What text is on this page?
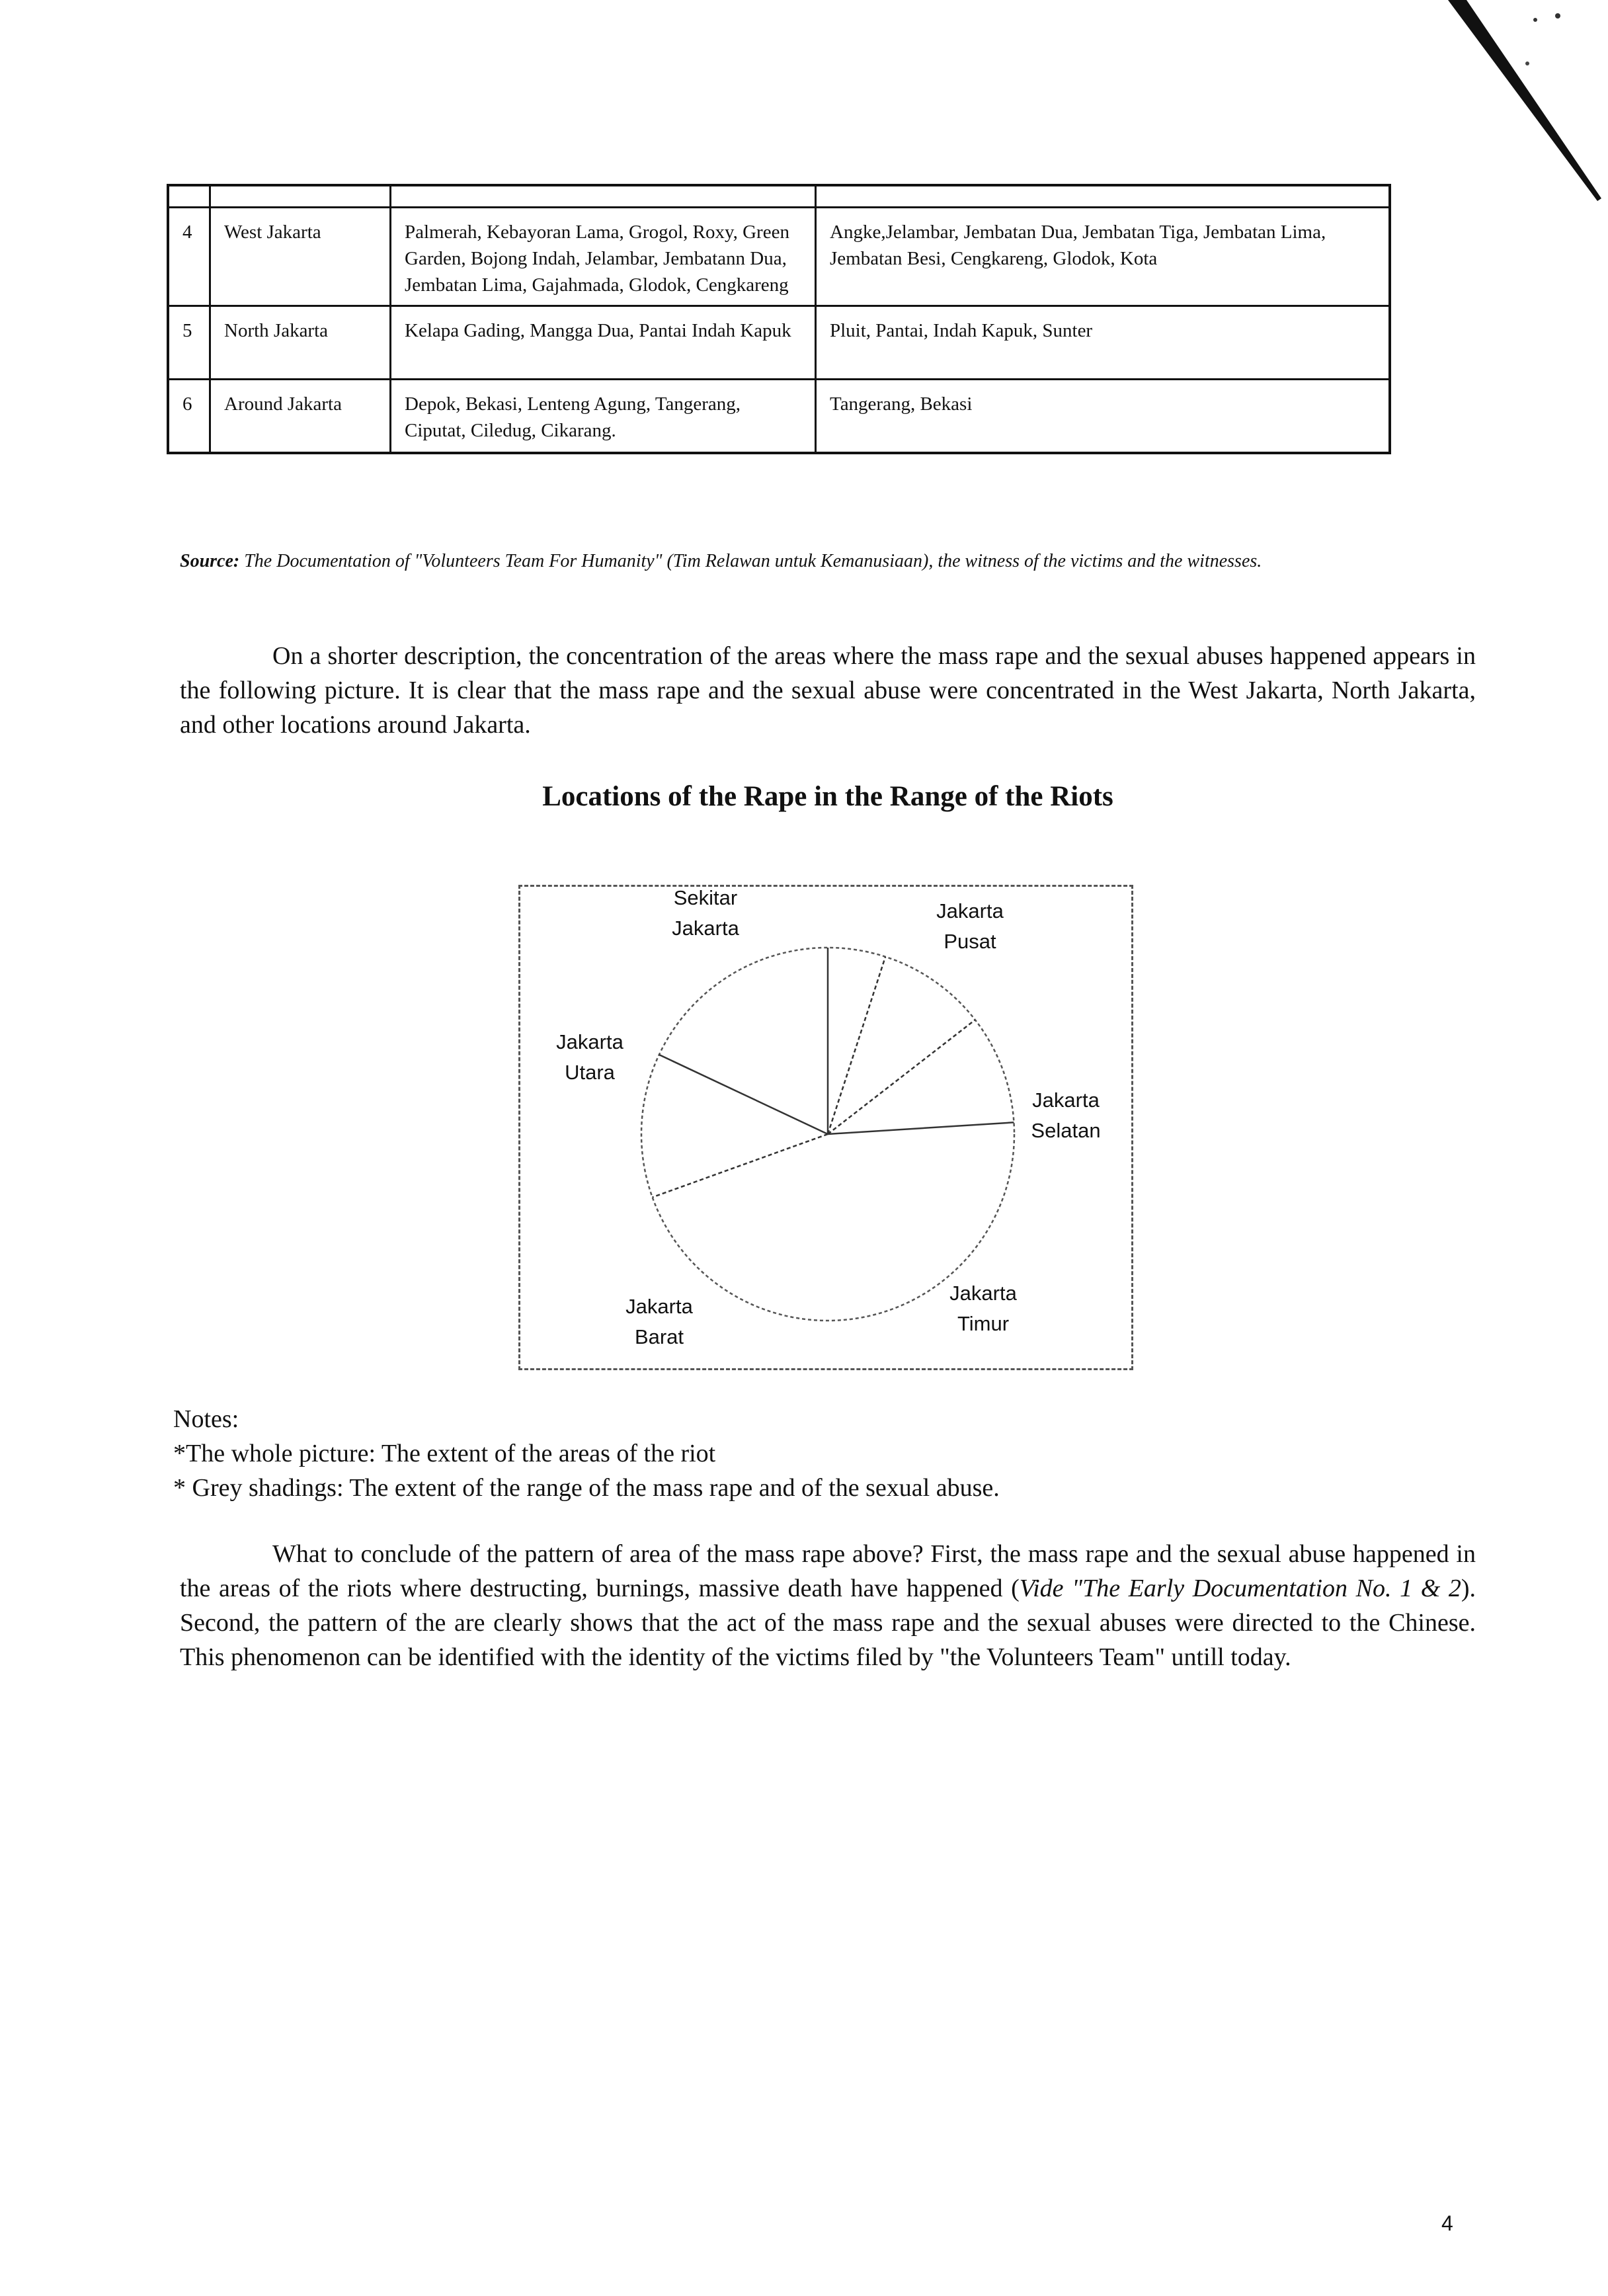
4	West Jakarta	Palmerah, Kebayoran Lama, Grogol, Roxy, Green Garden, Bojong Indah, Jelambar, Jembatann Dua, Jembatan Lima, Gajahmada, Glodok, Cengkareng	Angke,Jelambar, Jembatan Dua, Jembatan Tiga, Jembatan Lima, Jembatan Besi, Cengkareng, Glodok, Kota
5	North Jakarta	Kelapa Gading, Mangga Dua, Pantai Indah Kapuk	Pluit, Pantai, Indah Kapuk, Sunter
6	Around Jakarta	Depok, Bekasi, Lenteng Agung, Tangerang, Ciputat, Ciledug, Cikarang.	Tangerang, Bekasi
Source: The Documentation of "Volunteers Team For Humanity" (Tim Relawan untuk Kemanusiaan), the witness of the victims and the witnesses.
On a shorter description, the concentration of the areas where the mass rape and the sexual abuses happened appears in the following picture. It is clear that the mass rape and the sexual abuse were concentrated in the West Jakarta, North Jakarta, and other locations around Jakarta.
Locations of the Rape in the Range of the Riots
Sekitar
Jakarta
Jakarta
Pusat
Jakarta
Utara
Jakarta
Selatan
Jakarta
Barat
Jakarta
Timur
Notes:
*The whole picture: The extent of the areas of the riot
* Grey shadings: The extent of the range of the mass rape and of the sexual abuse.
What to conclude of the pattern of area of the mass rape above? First, the mass rape and the sexual abuse happened in the areas of the riots where destructing, burnings, massive death have happened (Vide "The Early Documentation No. 1 & 2). Second, the pattern of the are clearly shows that the act of the mass rape and the sexual abuses were directed to the Chinese. This phenomenon can be identified with the identity of the victims filed by "the Volunteers Team" untill today.
4
